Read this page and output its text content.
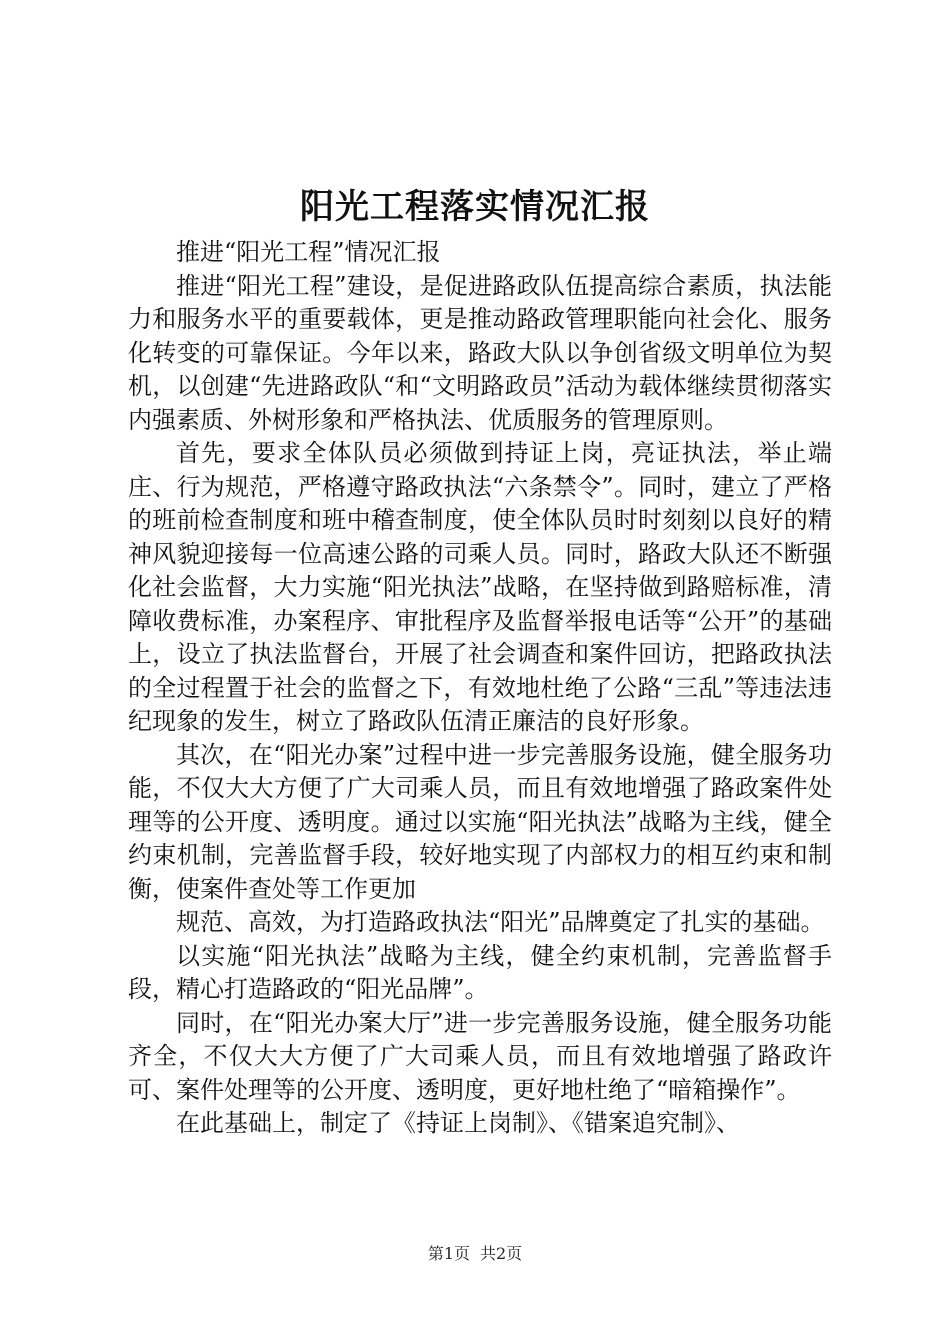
阳光工程落实情况汇报

推进“阳光工程”情况汇报

推进“阳光工程”建设，是促进路政队伍提高综合素质，执法能力和服务水平的重要载体，更是推动路政管理职能向社会化、服务化转变的可靠保证。今年以来，路政大队以争创省级文明单位为契机，以创建“先进路政队“和“文明路政员”活动为载体继续贯彻落实内强素质、外树形象和严格执法、优质服务的管理原则。

首先，要求全体队员必须做到持证上岗，亮证执法，举止端庄、行为规范，严格遵守路政执法“六条禁令”。同时，建立了严格的班前检查制度和班中稽查制度，使全体队员时时刻刻以良好的精神风貌迎接每一位高速公路的司乘人员。同时，路政大队还不断强化社会监督，大力实施“阳光执法”战略，在坚持做到路赔标准，清障收费标准，办案程序、审批程序及监督举报电话等“公开”的基础上，设立了执法监督台，开展了社会调查和案件回访，把路政执法的全过程置于社会的监督之下，有效地杜绝了公路“三乱”等违法违纪现象的发生，树立了路政队伍清正廉洁的良好形象。

其次，在“阳光办案”过程中进一步完善服务设施，健全服务功能，不仅大大方便了广大司乘人员，而且有效地增强了路政案件处理等的公开度、透明度。通过以实施“阳光执法”战略为主线，健全约束机制，完善监督手段，较好地实现了内部权力的相互约束和制衡，使案件查处等工作更加

规范、高效，为打造路政执法“阳光”品牌奠定了扎实的基础。

以实施“阳光执法”战略为主线，健全约束机制，完善监督手段，精心打造路政的“阳光品牌”。

同时，在“阳光办案大厅”进一步完善服务设施，健全服务功能齐全，不仅大大方便了广大司乘人员，而且有效地增强了路政许可、案件处理等的公开度、透明度，更好地杜绝了“暗箱操作”。

在此基础上，制定了《持证上岗制》、《错案追究制》、

第1页 共2页
